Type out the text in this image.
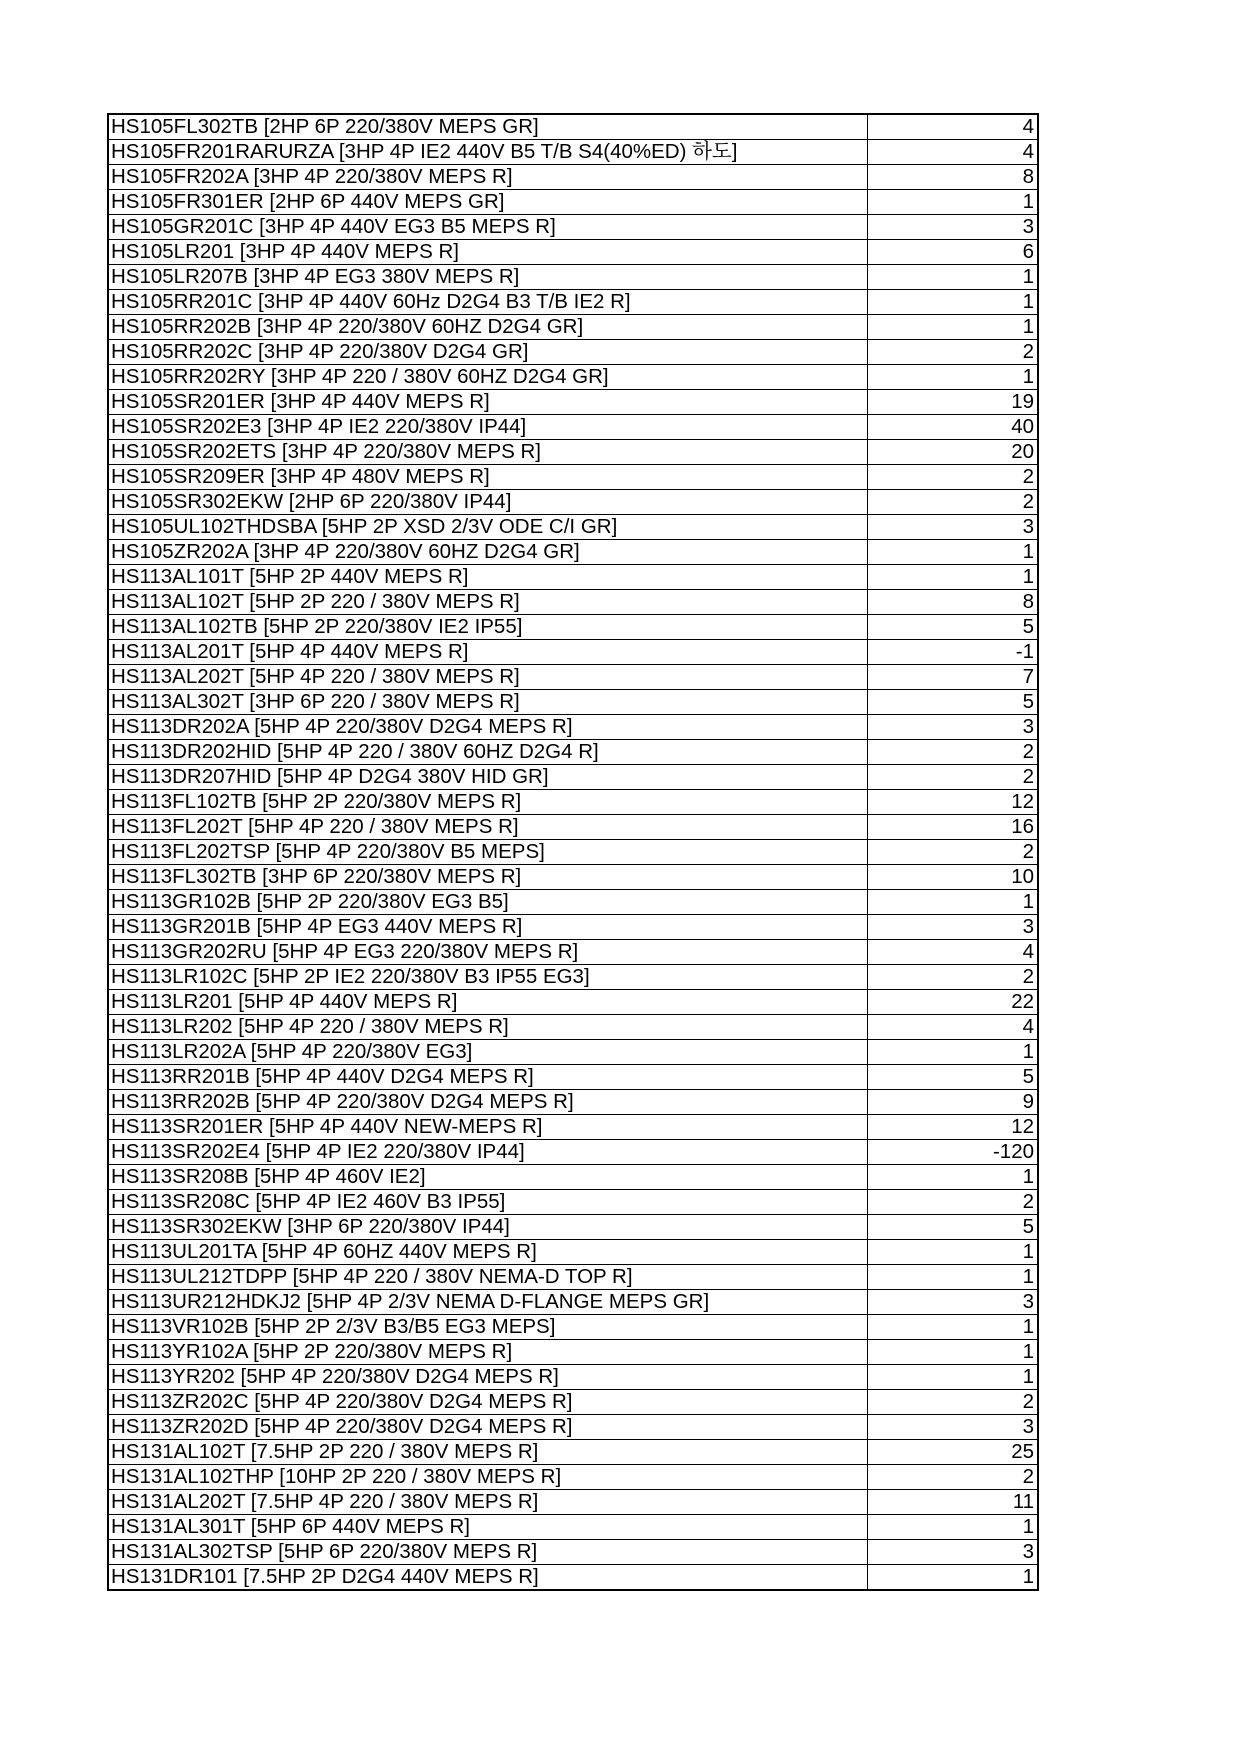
HS105FL302TB [2HP 6P 220/380V MEPS GR]	4
HS105FR201RARURZA [3HP 4P IE2 440V B5 T/B S4(40%ED) 하도]	4
HS105FR202A [3HP 4P 220/380V MEPS R]	8
HS105FR301ER [2HP 6P 440V MEPS GR]	1
HS105GR201C [3HP 4P 440V EG3 B5 MEPS R]	3
HS105LR201 [3HP 4P 440V MEPS R]	6
HS105LR207B [3HP 4P EG3 380V MEPS R]	1
HS105RR201C [3HP 4P 440V 60Hz D2G4 B3 T/B IE2 R]	1
HS105RR202B [3HP 4P 220/380V 60HZ D2G4 GR]	1
HS105RR202C [3HP 4P 220/380V D2G4 GR]	2
HS105RR202RY [3HP 4P 220 / 380V 60HZ D2G4 GR]	1
HS105SR201ER [3HP 4P 440V MEPS R]	19
HS105SR202E3 [3HP 4P IE2 220/380V IP44]	40
HS105SR202ETS [3HP 4P 220/380V MEPS R]	20
HS105SR209ER [3HP 4P 480V MEPS R]	2
HS105SR302EKW [2HP 6P 220/380V IP44]	2
HS105UL102THDSBA [5HP 2P XSD 2/3V ODE C/I GR]	3
HS105ZR202A [3HP 4P 220/380V 60HZ D2G4 GR]	1
HS113AL101T [5HP 2P 440V MEPS R]	1
HS113AL102T [5HP 2P 220 / 380V MEPS R]	8
HS113AL102TB [5HP 2P 220/380V IE2 IP55]	5
HS113AL201T [5HP 4P 440V MEPS R]	-1
HS113AL202T [5HP 4P 220 / 380V MEPS R]	7
HS113AL302T [3HP 6P 220 / 380V MEPS R]	5
HS113DR202A [5HP 4P 220/380V D2G4 MEPS R]	3
HS113DR202HID [5HP 4P 220 / 380V 60HZ D2G4 R]	2
HS113DR207HID [5HP 4P D2G4 380V HID GR]	2
HS113FL102TB [5HP 2P 220/380V MEPS R]	12
HS113FL202T [5HP 4P 220 / 380V MEPS R]	16
HS113FL202TSP [5HP 4P 220/380V B5 MEPS]	2
HS113FL302TB [3HP 6P 220/380V MEPS R]	10
HS113GR102B [5HP 2P 220/380V EG3 B5]	1
HS113GR201B [5HP 4P EG3 440V MEPS R]	3
HS113GR202RU [5HP 4P EG3 220/380V MEPS R]	4
HS113LR102C [5HP 2P IE2 220/380V B3 IP55 EG3]	2
HS113LR201 [5HP 4P 440V MEPS R]	22
HS113LR202 [5HP 4P 220 / 380V MEPS R]	4
HS113LR202A [5HP 4P 220/380V EG3]	1
HS113RR201B [5HP 4P 440V D2G4 MEPS R]	5
HS113RR202B [5HP 4P 220/380V D2G4 MEPS R]	9
HS113SR201ER [5HP 4P 440V NEW-MEPS R]	12
HS113SR202E4 [5HP 4P IE2 220/380V IP44]	-120
HS113SR208B [5HP 4P 460V IE2]	1
HS113SR208C [5HP 4P IE2 460V B3 IP55]	2
HS113SR302EKW [3HP 6P 220/380V IP44]	5
HS113UL201TA [5HP 4P 60HZ 440V MEPS R]	1
HS113UL212TDPP [5HP 4P 220 / 380V NEMA-D TOP R]	1
HS113UR212HDKJ2 [5HP 4P 2/3V NEMA D-FLANGE MEPS GR]	3
HS113VR102B [5HP 2P 2/3V B3/B5 EG3 MEPS]	1
HS113YR102A [5HP 2P 220/380V MEPS R]	1
HS113YR202 [5HP 4P 220/380V D2G4 MEPS R]	1
HS113ZR202C [5HP 4P 220/380V D2G4 MEPS R]	2
HS113ZR202D [5HP 4P 220/380V D2G4 MEPS R]	3
HS131AL102T [7.5HP 2P 220 / 380V MEPS R]	25
HS131AL102THP [10HP 2P 220 / 380V MEPS R]	2
HS131AL202T [7.5HP 4P 220 / 380V MEPS R]	11
HS131AL301T [5HP 6P 440V MEPS R]	1
HS131AL302TSP [5HP 6P 220/380V MEPS R]	3
HS131DR101 [7.5HP 2P D2G4 440V MEPS R]	1
